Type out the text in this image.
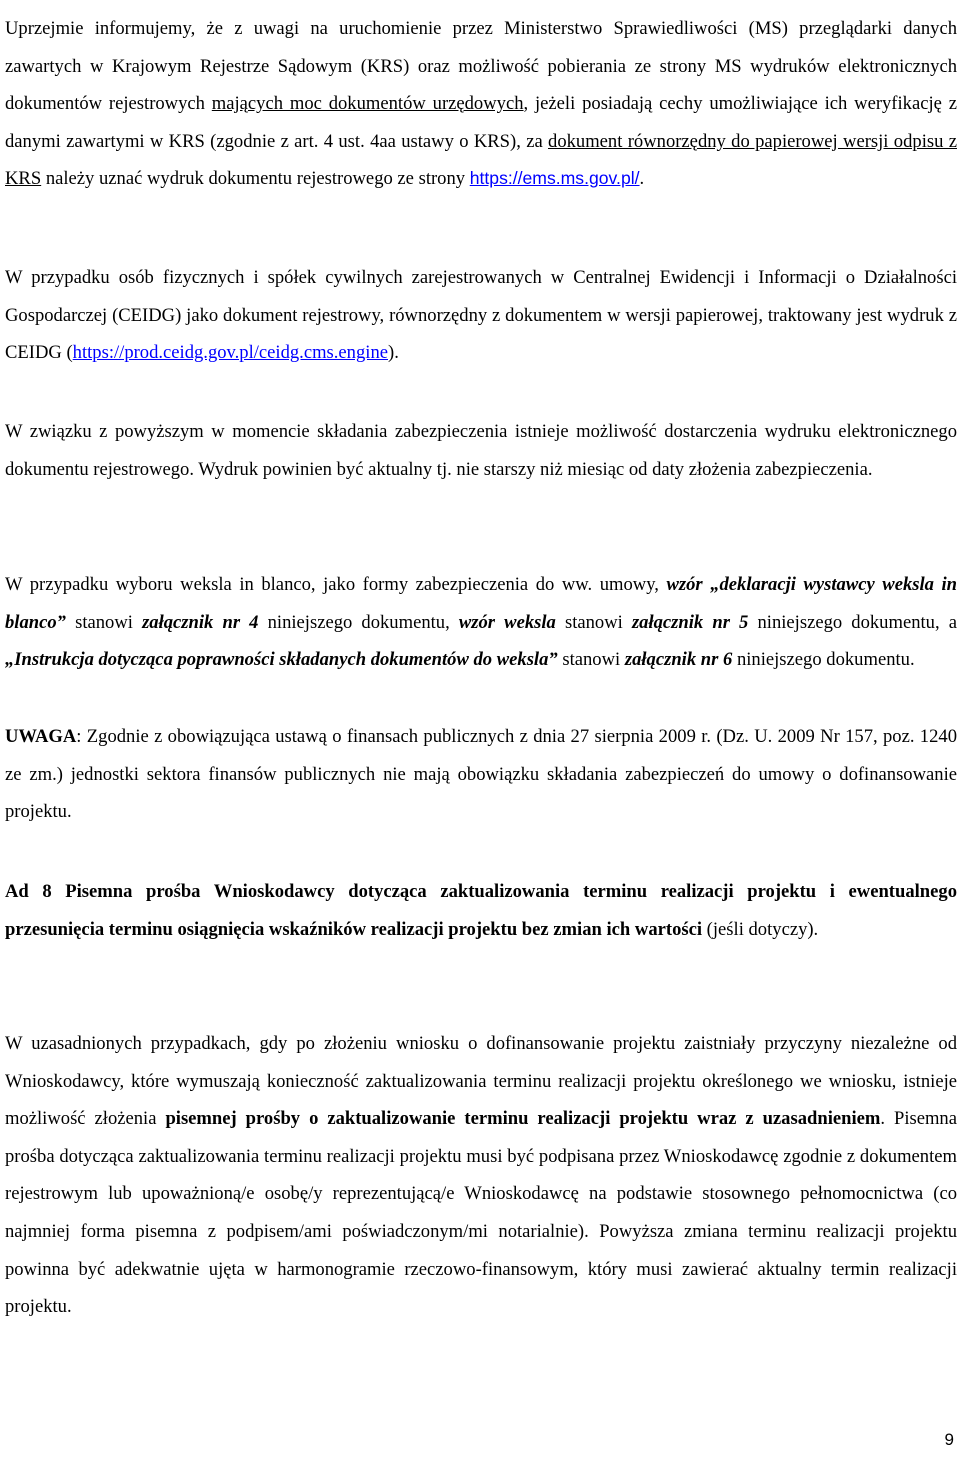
Uprzejmie informujemy, że z uwagi na uruchomienie przez Ministerstwo Sprawiedliwości (MS) przeglądarki danych zawartych w Krajowym Rejestrze Sądowym (KRS) oraz możliwość pobierania ze strony MS wydruków elektronicznych dokumentów rejestrowych mających moc dokumentów urzędowych, jeżeli posiadają cechy umożliwiające ich weryfikację z danymi zawartymi w KRS (zgodnie z art. 4 ust. 4aa ustawy o KRS), za dokument równorzędny do papierowej wersji odpisu z KRS należy uznać wydruk dokumentu rejestrowego ze strony https://ems.ms.gov.pl/.

W przypadku osób fizycznych i spółek cywilnych zarejestrowanych w Centralnej Ewidencji i Informacji o Działalności Gospodarczej (CEIDG) jako dokument rejestrowy, równorzędny z dokumentem w wersji papierowej, traktowany jest wydruk z CEIDG (https://prod.ceidg.gov.pl/ceidg.cms.engine).

W związku z powyższym w momencie składania zabezpieczenia istnieje możliwość dostarczenia wydruku elektronicznego dokumentu rejestrowego. Wydruk powinien być aktualny tj. nie starszy niż miesiąc od daty złożenia zabezpieczenia.

W przypadku wyboru weksla in blanco, jako formy zabezpieczenia do ww. umowy, wzór „deklaracji wystawcy weksla in blanco” stanowi załącznik nr 4 niniejszego dokumentu, wzór weksla stanowi załącznik nr 5 niniejszego dokumentu, a „Instrukcja dotycząca poprawności składanych dokumentów do weksla” stanowi załącznik nr 6 niniejszego dokumentu.

UWAGA: Zgodnie z obowiązująca ustawą o finansach publicznych z dnia 27 sierpnia 2009 r. (Dz. U. 2009 Nr 157, poz. 1240 ze zm.) jednostki sektora finansów publicznych nie mają obowiązku składania zabezpieczeń do umowy o dofinansowanie projektu.

Ad 8 Pisemna prośba Wnioskodawcy dotycząca zaktualizowania terminu realizacji projektu i ewentualnego przesunięcia terminu osiągnięcia wskaźników realizacji projektu bez zmian ich wartości (jeśli dotyczy).

W uzasadnionych przypadkach, gdy po złożeniu wniosku o dofinansowanie projektu zaistniały przyczyny niezależne od Wnioskodawcy, które wymuszają konieczność zaktualizowania terminu realizacji projektu określonego we wniosku, istnieje możliwość złożenia pisemnej prośby o zaktualizowanie terminu realizacji projektu wraz z uzasadnieniem. Pisemna prośba dotycząca zaktualizowania terminu realizacji projektu musi być podpisana przez Wnioskodawcę zgodnie z dokumentem rejestrowym lub upoważnioną/e osobę/y reprezentującą/e Wnioskodawcę na podstawie stosownego pełnomocnictwa (co najmniej forma pisemna z podpisem/ami poświadczonym/mi notarialnie). Powyższa zmiana terminu realizacji projektu powinna być adekwatnie ujęta w harmonogramie rzeczowo-finansowym, który musi zawierać aktualny termin realizacji projektu.

9
